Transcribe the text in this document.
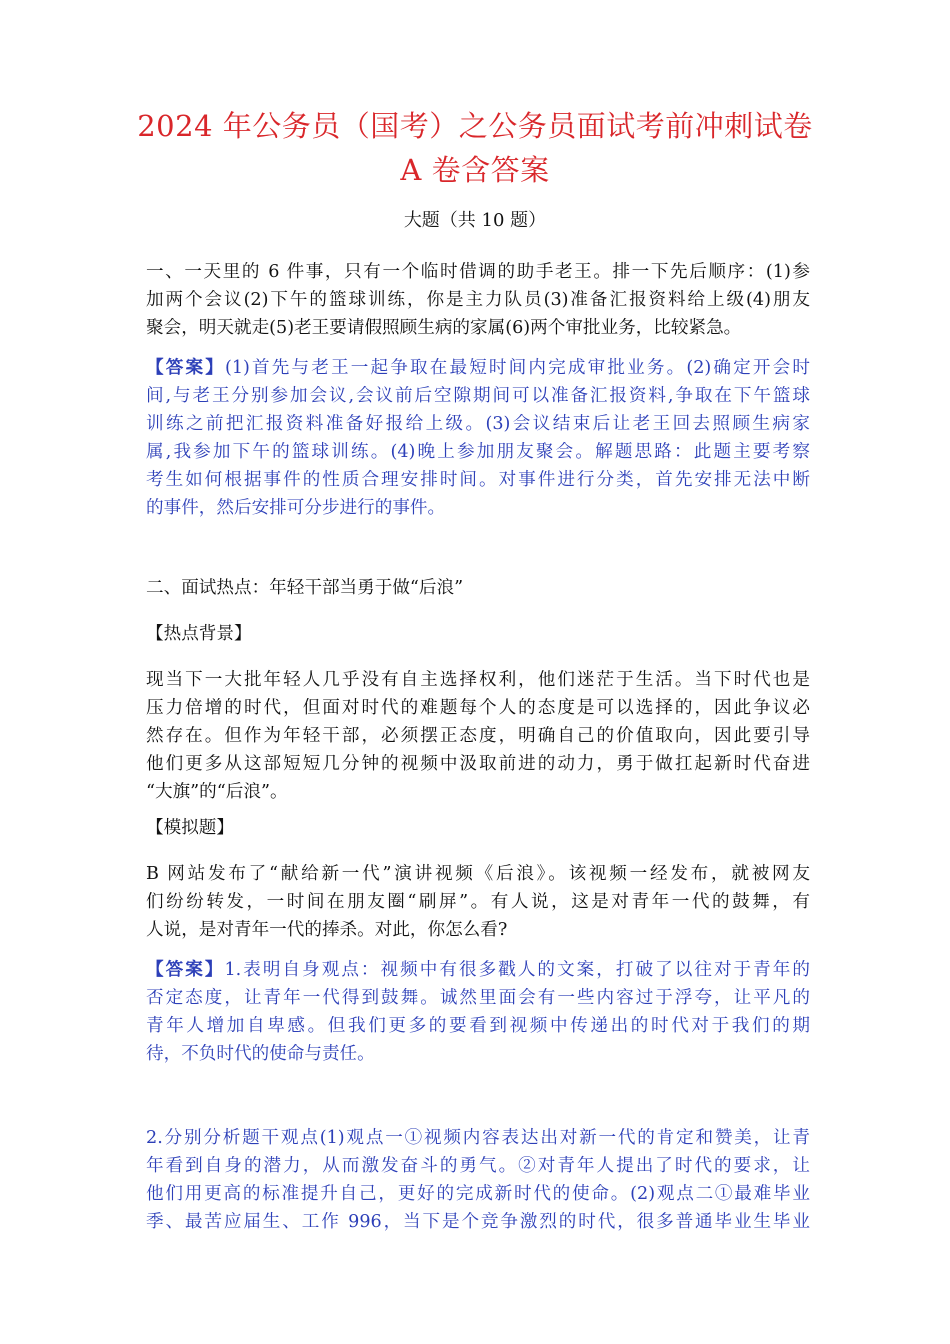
2024 年公务员（国考）之公务员面试考前冲刺试卷
A 卷含答案
大题（共 10 题）
一、一天里的 6 件事，只有一个临时借调的助手老王。排一下先后顺序：(1)参
加两个会议(2)下午的篮球训练，你是主力队员(3)准备汇报资料给上级(4)朋友
聚会，明天就走(5)老王要请假照顾生病的家属(6)两个审批业务，比较紧急。
【答案】(1)首先与老王一起争取在最短时间内完成审批业务。(2)确定开会时
间,与老王分别参加会议,会议前后空隙期间可以准备汇报资料,争取在下午篮球
训练之前把汇报资料准备好报给上级。(3)会议结束后让老王回去照顾生病家
属,我参加下午的篮球训练。(4)晚上参加朋友聚会。解题思路：此题主要考察
考生如何根据事件的性质合理安排时间。对事件进行分类，首先安排无法中断
的事件，然后安排可分步进行的事件。
二、面试热点：年轻干部当勇于做“后浪”
【热点背景】
现当下一大批年轻人几乎没有自主选择权利，他们迷茫于生活。当下时代也是
压力倍增的时代，但面对时代的难题每个人的态度是可以选择的，因此争议必
然存在。但作为年轻干部，必须摆正态度，明确自己的价值取向，因此要引导
他们更多从这部短短几分钟的视频中汲取前进的动力，勇于做扛起新时代奋进
“大旗”的“后浪”。
【模拟题】
B 网站发布了“献给新一代”演讲视频《后浪》。该视频一经发布，就被网友
们纷纷转发，一时间在朋友圈“刷屏”。有人说，这是对青年一代的鼓舞，有
人说，是对青年一代的捧杀。对此，你怎么看?
【答案】1.表明自身观点：视频中有很多戳人的文案，打破了以往对于青年的
否定态度，让青年一代得到鼓舞。诚然里面会有一些内容过于浮夸，让平凡的
青年人增加自卑感。但我们更多的要看到视频中传递出的时代对于我们的期
待，不负时代的使命与责任。
2.分别分析题干观点(1)观点一①视频内容表达出对新一代的肯定和赞美，让青
年看到自身的潜力，从而激发奋斗的勇气。②对青年人提出了时代的要求，让
他们用更高的标准提升自己，更好的完成新时代的使命。(2)观点二①最难毕业
季、最苦应届生、工作 996，当下是个竞争激烈的时代，很多普通毕业生毕业
